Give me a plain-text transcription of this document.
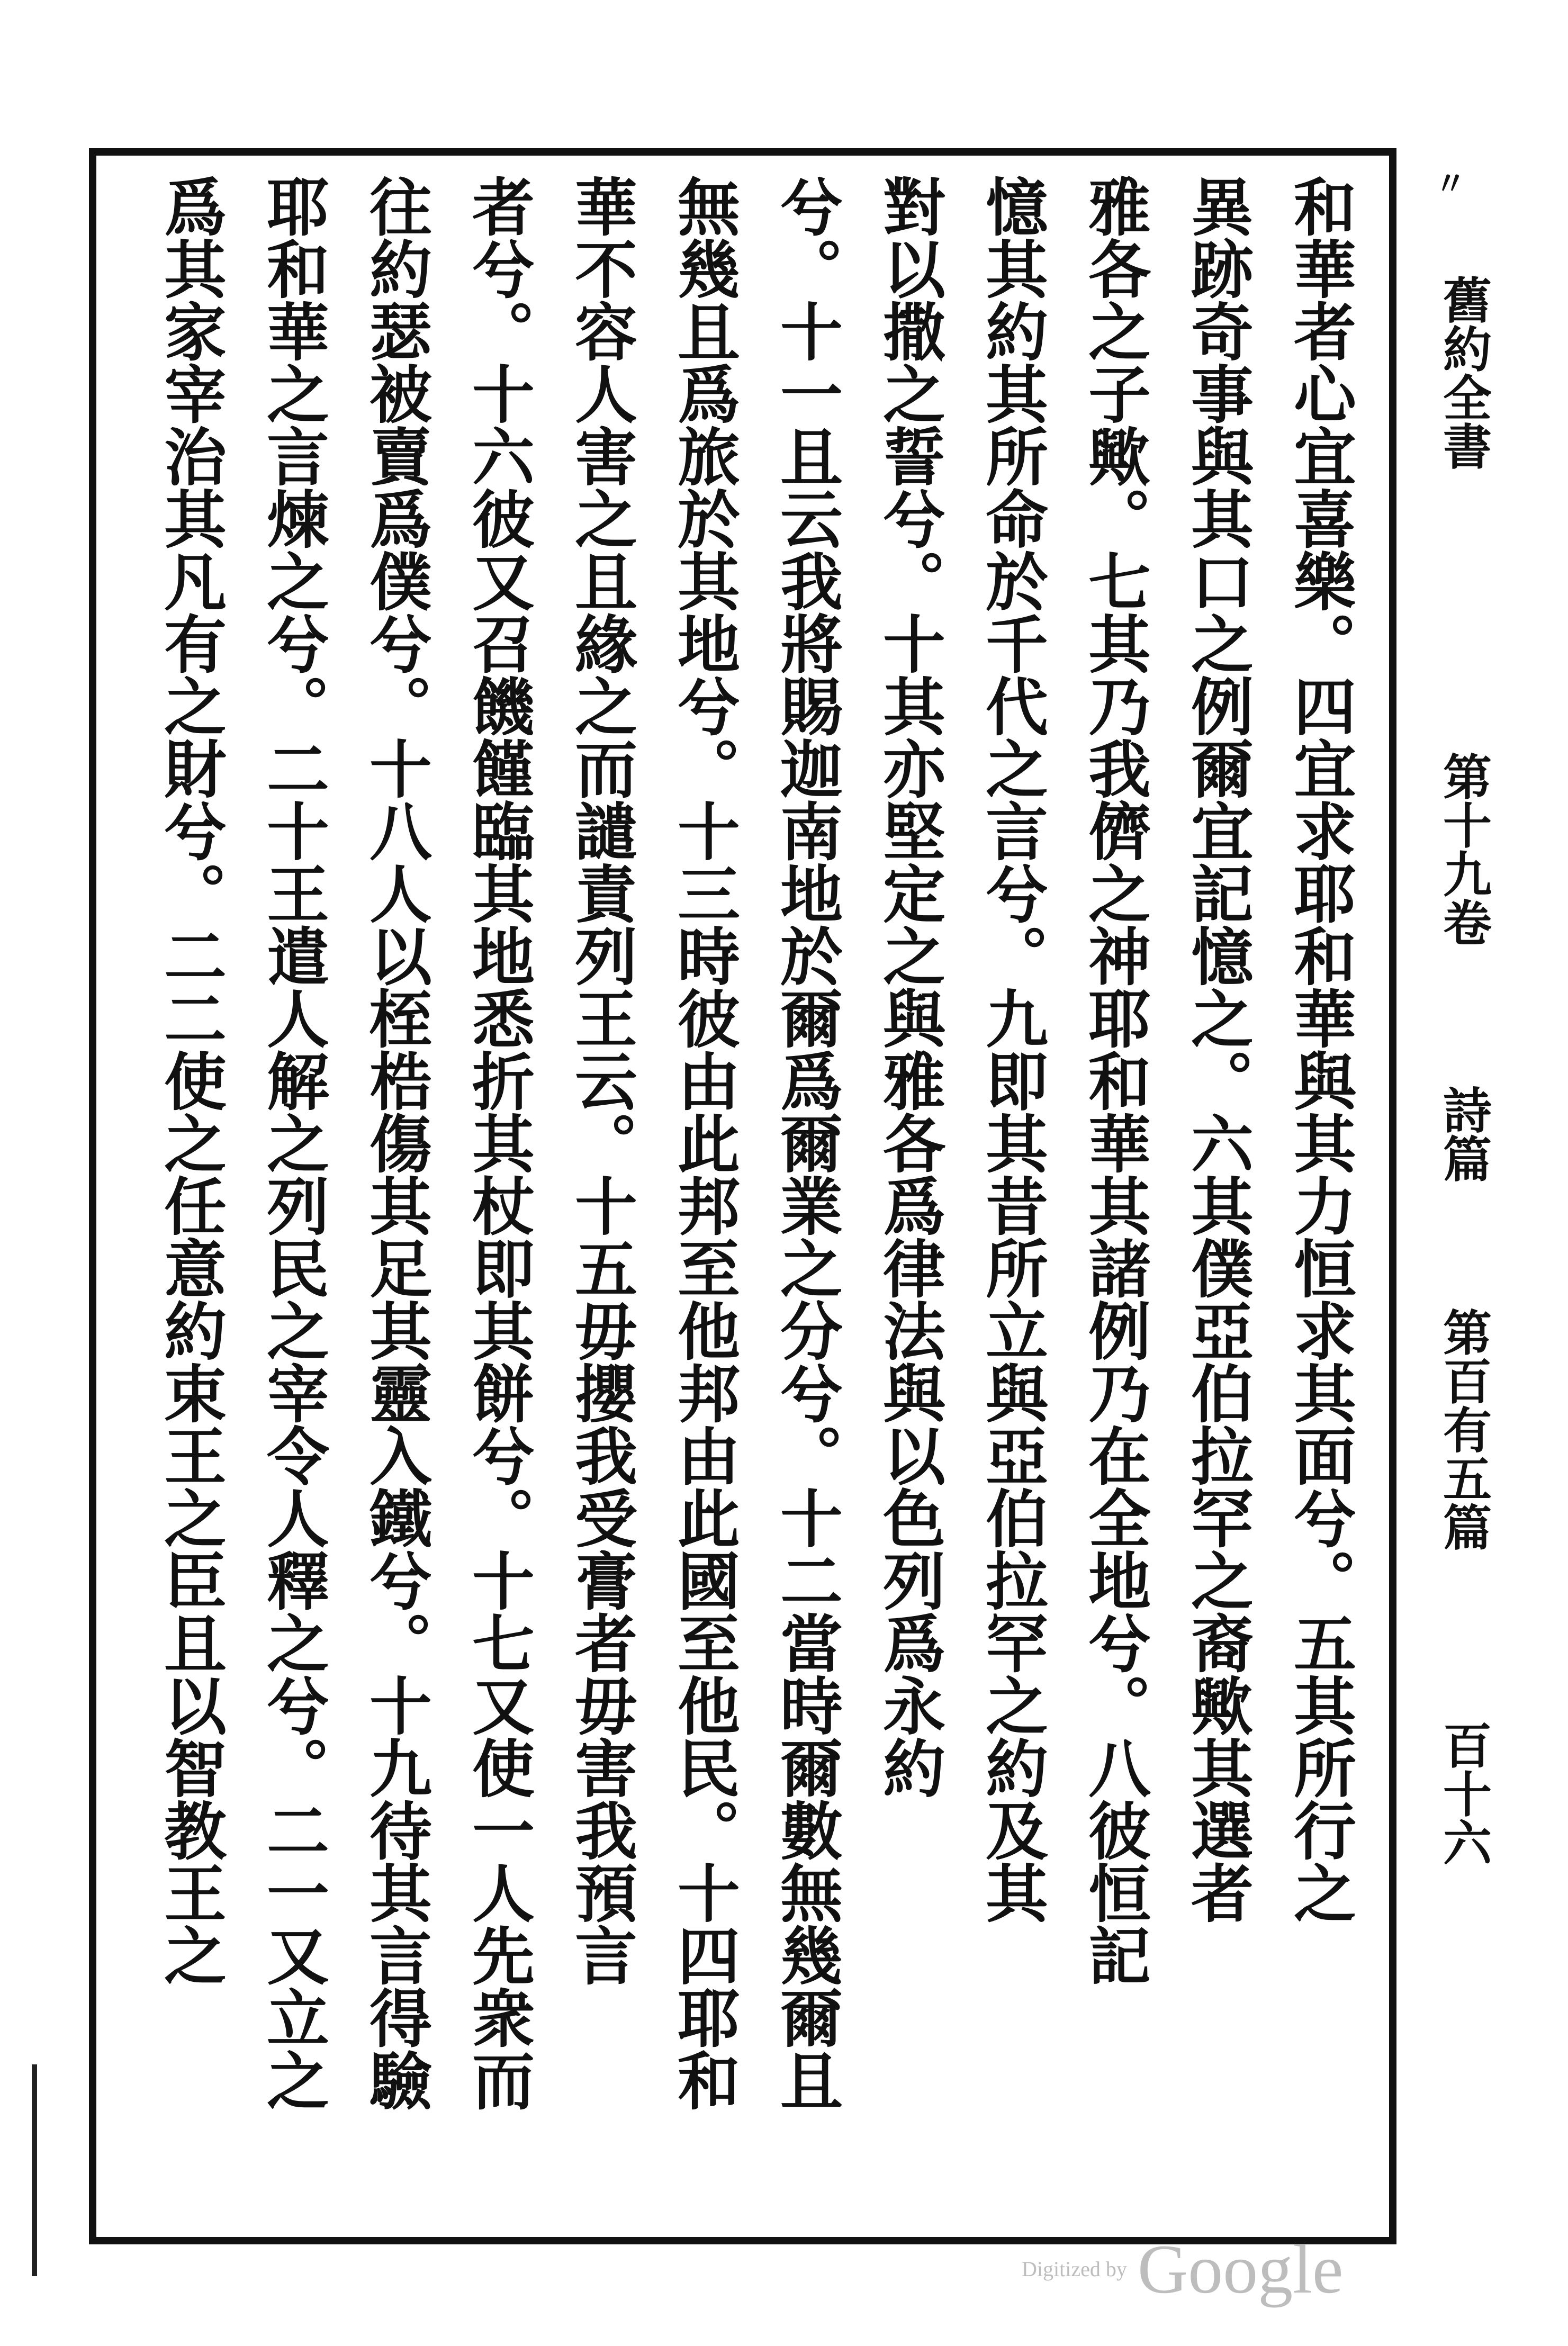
〃
舊約全書
第十九卷
詩篇
第百有五篇
百十六
和華者心宜喜樂。四宜求耶和華與其力恒求其面兮。五其所行之
異跡奇事與其口之例爾宜記憶之。六其僕亞伯拉罕之裔歟其選者
雅各之子歟。七其乃我儕之神耶和華其諸例乃在全地兮。八彼恒記
憶其約其所命於千代之言兮。九即其昔所立與亞伯拉罕之約及其
對以撒之誓兮。十其亦堅定之與雅各爲律法與以色列爲永約
兮。十一且云我將賜迦南地於爾爲爾業之分兮。十二當時爾數無幾爾且
無幾且爲旅於其地兮。十三時彼由此邦至他邦由此國至他民。十四耶和
華不容人害之且緣之而譴責列王云。十五毋攖我受膏者毋害我預言
者兮。十六彼又召饑饉臨其地悉折其杖即其餅兮。十七又使一人先衆而
往約瑟被賣爲僕兮。十八人以桎梏傷其足其靈入鐵兮。十九待其言得驗
耶和華之言煉之兮。二十王遣人解之列民之宰令人釋之兮。二一又立之
爲其家宰治其凡有之財兮。二二使之任意約束王之臣且以智教王之
Digitized by Google
